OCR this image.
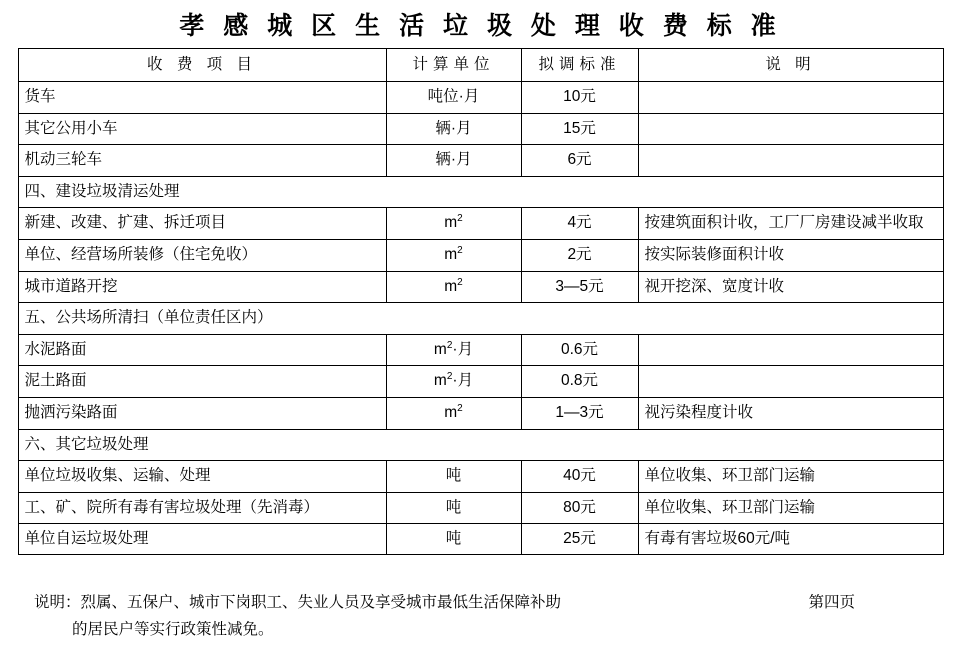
孝 感 城 区 生 活 垃 圾 处 理 收 费 标 准
收 费 项 目	计算单位	拟调标准	说 明
货车	吨位·月	10元	
其它公用小车	辆·月	15元	
机动三轮车	辆·月	6元	
四、建设垃圾清运处理			
新建、改建、扩建、拆迁项目	$m^2$	4元	按建筑面积计收，工厂厂房建设减半收取
单位、经营场所装修（住宅免收）	$m^2$	2元	按实际装修面积计收
城市道路开挖	$m^2$	3—5元	视开挖深、宽度计收
五、公共场所清扫（单位责任区内）			
水泥路面	$m^2\cdot$月	0.6元	
泥土路面	$m^2\cdot$月	0.8元	
抛洒污染路面	$m^2$	1—3元	视污染程度计收
六、其它垃圾处理			
单位垃圾收集、运输、处理	吨	40元	单位收集、环卫部门运输
工、矿、院所有毒有害垃圾处理（先消毒）	吨	80元	单位收集、环卫部门运输
单位自运垃圾处理	吨	25元	有毒有害垃圾60元/吨
说明：烈属、五保户、城市下岗职工、失业人员及享受城市最低生活保障补助	第四页
的居民户等实行政策性减免。
